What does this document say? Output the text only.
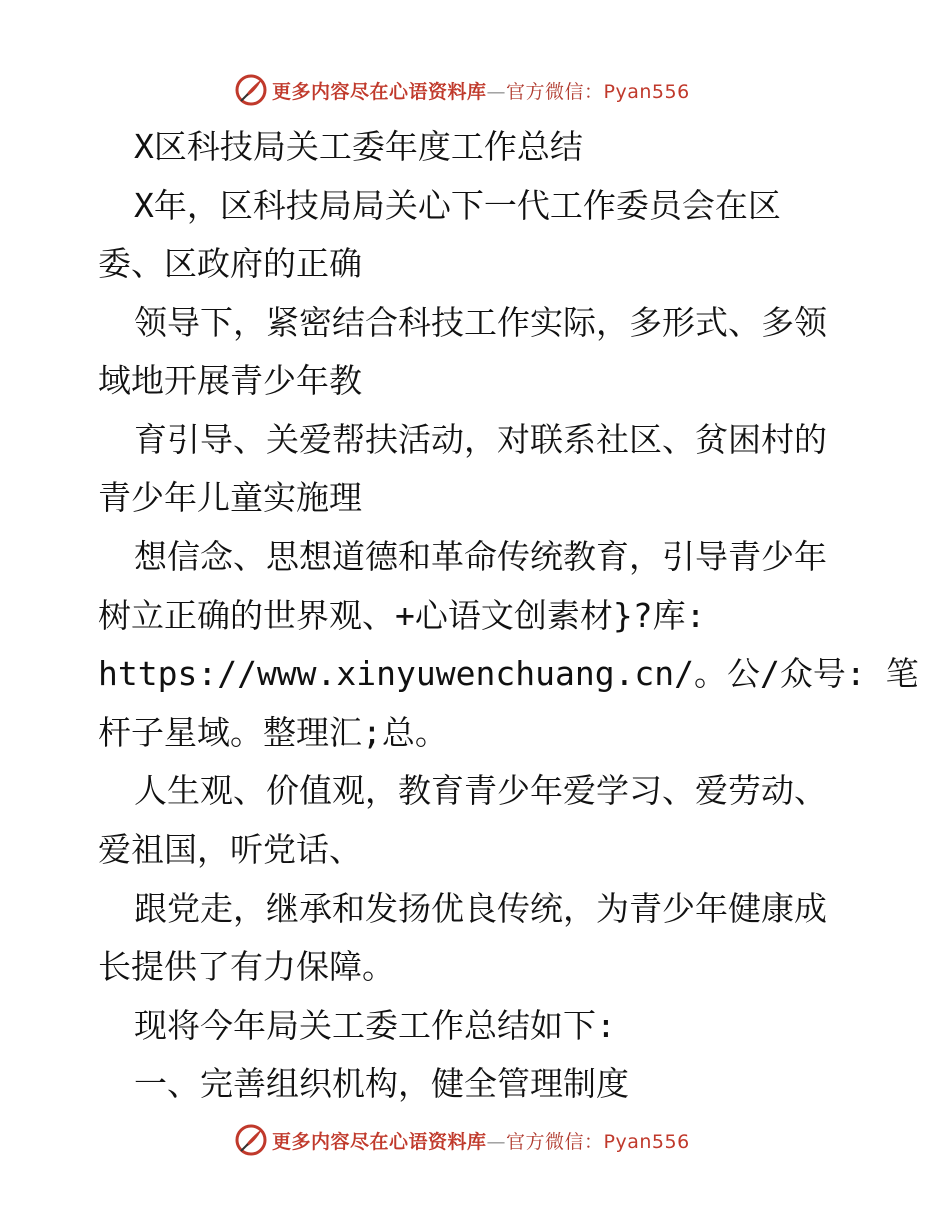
更多内容尽在心语资料库—官方微信：Pyan556
X区科技局关工委年度工作总结
X年，区科技局局关心下一代工作委员会在区
委、区政府的正确
领导下，紧密结合科技工作实际，多形式、多领
域地开展青少年教
育引导、关爱帮扶活动，对联系社区、贫困村的
青少年儿童实施理
想信念、思想道德和革命传统教育，引导青少年
树立正确的世界观、+心语文创素材}?库:
https://www.xinyuwenchuang.cn/。公/众号: 笔
杆子星域。整理汇;总。
人生观、价值观，教育青少年爱学习、爱劳动、
爱祖国，听党话、
跟党走，继承和发扬优良传统，为青少年健康成
长提供了有力保障。
现将今年局关工委工作总结如下:
一、完善组织机构，健全管理制度
更多内容尽在心语资料库—官方微信：Pyan556
